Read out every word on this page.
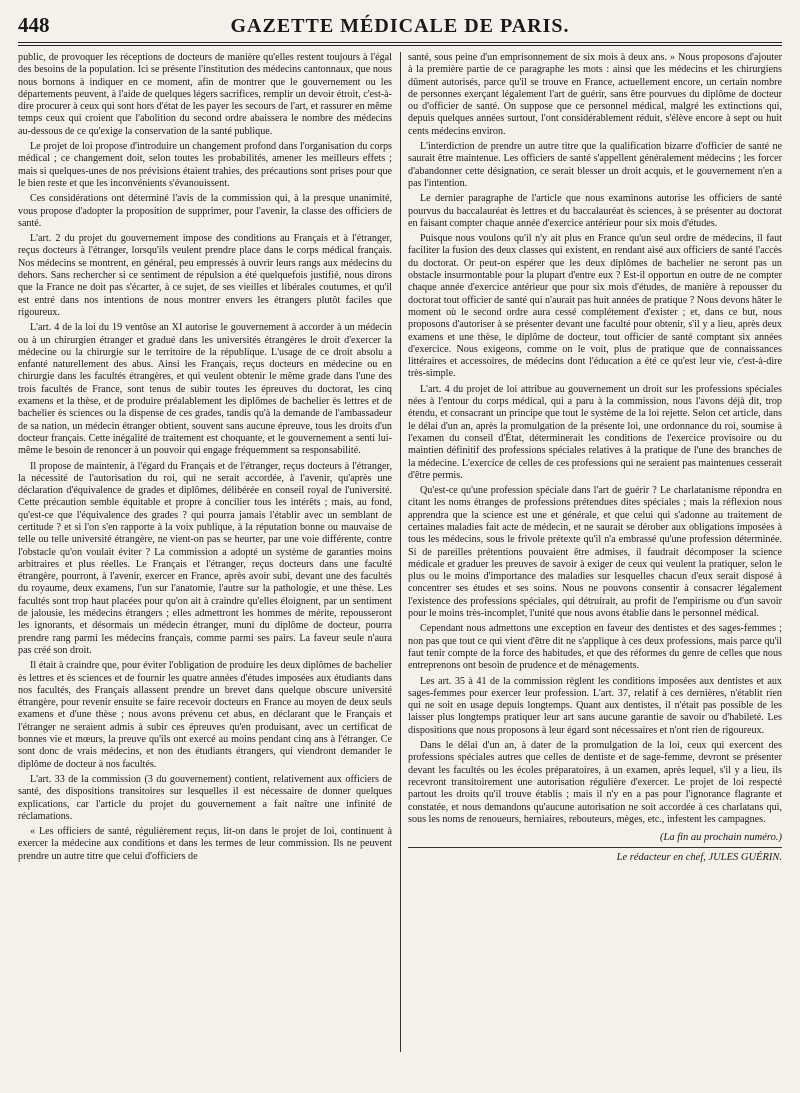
448	GAZETTE MÉDICALE DE PARIS.

public, de provoquer les réceptions de docteurs de manière qu'elles restent toujours à l'égal des besoins de la population. Ici se présente l'institution des médecins cantonnaux, que nous nous bornons à indiquer en ce moment, afin de montrer que le gouvernement ou les départements peuvent, à l'aide de quelques légers sacrifices, remplir un devoir étroit, c'est-à-dire procurer à ceux qui sont hors d'état de les payer les secours de l'art, et rassurer en même temps ceux qui croient que l'abolition du second ordre abaissera le nombre des médecins au-dessous de ce qu'exige la conservation de la santé publique.

Le projet de loi propose d'introduire un changement profond dans l'organisation du corps médical ; ce changement doit, selon toutes les probabilités, amener les meilleurs effets ; mais si quelques-unes de nos prévisions étaient trahies, des précautions sont prises pour que le bien reste et que les inconvénients s'évanouissent.

Ces considérations ont déterminé l'avis de la commission qui, à la presque unanimité, vous propose d'adopter la proposition de supprimer, pour l'avenir, la classe des officiers de santé.

L'art. 2 du projet du gouvernement impose des conditions au Français et à l'étranger, reçus docteurs à l'étranger, lorsqu'ils veulent prendre place dans le corps médical français. Nos médecins se montrent, en général, peu empressés à ouvrir leurs rangs aux médecins du dehors. Sans rechercher si ce sentiment de répulsion a été quelquefois justifié, nous dirons que la France ne doit pas s'écarter, à ce sujet, de ses vieilles et libérales coutumes, et qu'il est entré dans nos intentions de nous montrer envers les étrangers plutôt faciles que rigoureux.

L'art. 4 de la loi du 19 ventôse an XI autorise le gouvernement à accorder à un médecin ou à un chirurgien étranger et gradué dans les universités étrangères le droit d'exercer la médecine ou la chirurgie sur le territoire de la république. L'usage de ce droit absolu a enfanté naturellement des abus. Ainsi les Français, reçus docteurs en médecine ou en chirurgie dans les facultés étrangères, et qui veulent obtenir le même grade dans l'une des trois facultés de France, sont tenus de subir toutes les épreuves du doctorat, les cinq examens et la thèse, et de produire préalablement les diplômes de bachelier ès lettres et de bachelier ès sciences ou la dispense de ces grades, tandis qu'à la demande de l'ambassadeur de sa nation, un médecin étranger obtient, souvent sans aucune épreuve, tous les droits d'un docteur français. Cette inégalité de traitement est choquante, et le gouvernement a senti lui-même le besoin de renoncer à un pouvoir qui engage fréquemment sa responsabilité.

Il propose de maintenir, à l'égard du Français et de l'étranger, reçus docteurs à l'étranger, la nécessité de l'autorisation du roi, qui ne serait accordée, à l'avenir, qu'après une déclaration d'équivalence de grades et diplômes, délibérée en conseil royal de l'université. Cette précaution semble équitable et propre à concilier tous les intérêts ; mais, au fond, qu'est-ce que l'équivalence des grades ? qui pourra jamais l'établir avec un semblant de certitude ? et si l'on s'en rapporte à la voix publique, à la réputation bonne ou mauvaise de telle ou telle université étrangère, ne vient-on pas se heurter, par une voie différente, contre l'obstacle qu'on voulait éviter ? La commission a adopté un système de garanties moins arbitraires et plus réelles. Le Français et l'étranger, reçus docteurs dans une faculté étrangère, pourront, à l'avenir, exercer en France, après avoir subi, devant une des facultés du royaume, deux examens, l'un sur l'anatomie, l'autre sur la pathologie, et une thèse. Les facultés sont trop haut placées pour qu'on ait à craindre qu'elles éloignent, par un sentiment de jalousie, les médecins étrangers ; elles admettront les hommes de mérite, repousseront les ignorants, et désormais un médecin étranger, muni du diplôme de docteur, pourra prendre rang parmi les médecins français, comme parmi ses pairs. La faveur seule n'aura pas créé son droit.

Il était à craindre que, pour éviter l'obligation de produire les deux diplômes de bachelier ès lettres et ès sciences et de fournir les quatre années d'études imposées aux étudiants dans nos facultés, des Français allassent prendre un brevet dans quelque obscure université étrangère, pour revenir ensuite se faire recevoir docteurs en France au moyen de deux seuls examens et d'une thèse ; nous avons prévenu cet abus, en déclarant que le Français et l'étranger ne seraient admis à subir ces épreuves qu'en produisant, avec un certificat de bonnes vie et mœurs, la preuve qu'ils ont exercé au moins pendant cinq ans à l'étranger. Ce sont donc de vrais médecins, et non des étudiants étrangers, qui viendront demander le diplôme de docteur à nos facultés.

L'art. 33 de la commission (3 du gouvernement) contient, relativement aux officiers de santé, des dispositions transitoires sur lesquelles il est nécessaire de donner quelques explications, car l'article du projet du gouvernement a fait naître une infinité de réclamations.

« Les officiers de santé, régulièrement reçus, lit-on dans le projet de loi, continuent à exercer la médecine aux conditions et dans les termes de leur commission. Ils ne peuvent prendre un autre titre que celui d'officiers de

santé, sous peine d'un emprisonnement de six mois à deux ans. » Nous proposons d'ajouter à la première partie de ce paragraphe les mots : ainsi que les médecins et les chirurgiens dûment autorisés, parce qu'il se trouve en France, actuellement encore, un certain nombre de personnes exerçant légalement l'art de guérir, sans être pourvues du diplôme de docteur ou d'officier de santé. On suppose que ce personnel médical, malgré les extinctions qui, depuis quelques années surtout, l'ont considérablement réduit, s'élève encore à sept ou huit cents médecins environ.

L'interdiction de prendre un autre titre que la qualification bizarre d'officier de santé ne saurait être maintenue. Les officiers de santé s'appellent généralement médecins ; les forcer d'abandonner cette désignation, ce serait blesser un droit acquis, et le gouvernement n'en a pas l'intention.

Le dernier paragraphe de l'article que nous examinons autorise les officiers de santé pourvus du baccalauréat ès lettres et du baccalauréat ès sciences, à se présenter au doctorat en faisant compter chaque année d'exercice antérieur pour six mois d'études.

Puisque nous voulons qu'il n'y ait plus en France qu'un seul ordre de médecins, il faut faciliter la fusion des deux classes qui existent, en rendant aisé aux officiers de santé l'accès du doctorat. Or peut-on espérer que les deux diplômes de bachelier ne seront pas un obstacle insurmontable pour la plupart d'entre eux ? Est-il opportun en outre de ne compter chaque année d'exercice antérieur que pour six mois d'études, de manière à repousser du doctorat tout officier de santé qui n'aurait pas huit années de pratique ? Nous devons hâter le moment où le second ordre aura cessé complétement d'exister ; et, dans ce but, nous proposons d'autoriser à se présenter devant une faculté pour obtenir, s'il y a lieu, après deux examens et une thèse, le diplôme de docteur, tout officier de santé comptant six années d'exercice. Nous exigeons, comme on le voit, plus de pratique que de connaissances littéraires et accessoires, de médecins dont l'éducation a été ce qu'est leur vie, c'est-à-dire très-simple.

L'art. 4 du projet de loi attribue au gouvernement un droit sur les professions spéciales nées à l'entour du corps médical, qui a paru à la commission, nous l'avons déjà dit, trop étendu, et consacrant un principe que tout le système de la loi rejette. Selon cet article, dans le délai d'un an, après la promulgation de la présente loi, une ordonnance du roi, soumise à l'examen du conseil d'État, déterminerait les conditions de l'exercice provisoire ou du maintien définitif des professions spéciales relatives à la pratique de l'une des branches de la médecine. L'exercice de celles de ces professions qui ne seraient pas maintenues cesserait d'être permis.

Qu'est-ce qu'une profession spéciale dans l'art de guérir ? Le charlatanisme répondra en citant les noms étranges de professions prétendues dites spéciales ; mais la réflexion nous apprendra que la science est une et générale, et que celui qui s'adonne au traitement de certaines maladies fait acte de médecin, et ne saurait se dérober aux obligations imposées à tous les médecins, sous le frivole prétexte qu'il n'a embrassé qu'une profession déterminée. Si de pareilles prétentions pouvaient être admises, il faudrait décomposer la science médicale et graduer les preuves de savoir à exiger de ceux qui veulent la pratiquer, selon le plus ou le moins d'importance des maladies sur lesquelles chacun d'eux serait disposé à concentrer ses études et ses soins. Nous ne pouvons consentir à consacrer légalement l'existence des professions spéciales, qui détruirait, au profit de l'empirisme ou d'un savoir pour le moins très-incomplet, l'unité que nous avons établie dans le personnel médical.

Cependant nous admettons une exception en faveur des dentistes et des sages-femmes ; non pas que tout ce qui vient d'être dit ne s'applique à ces deux professions, mais parce qu'il faut tenir compte de la force des habitudes, et que des réformes du genre de celles que nous entreprenons ont besoin de prudence et de ménagements.

Les art. 35 à 41 de la commission règlent les conditions imposées aux dentistes et aux sages-femmes pour exercer leur profession. L'art. 37, relatif à ces dernières, n'établit rien qui ne soit en usage depuis longtemps. Quant aux dentistes, il n'était pas possible de les laisser plus longtemps pratiquer leur art sans aucune garantie de savoir ou d'habileté. Les dispositions que nous proposons à leur égard sont nécessaires et n'ont rien de rigoureux.

Dans le délai d'un an, à dater de la promulgation de la loi, ceux qui exercent des professions spéciales autres que celles de dentiste et de sage-femme, devront se présenter devant les facultés ou les écoles préparatoires, à un examen, après lequel, s'il y a lieu, ils recevront transitoirement une autorisation régulière d'exercer. Le projet de loi respecté partout les droits qu'il trouve établis ; mais il n'y en a pas pour l'ignorance flagrante et constatée, et nous demandons qu'aucune autorisation ne soit accordée à ces charlatans qui, sous les noms de renoueurs, herniaires, rebouteurs, mèges, etc., infestent les campagnes.

(La fin au prochain numéro.)
Le rédacteur en chef, JULES GUÉRIN.
